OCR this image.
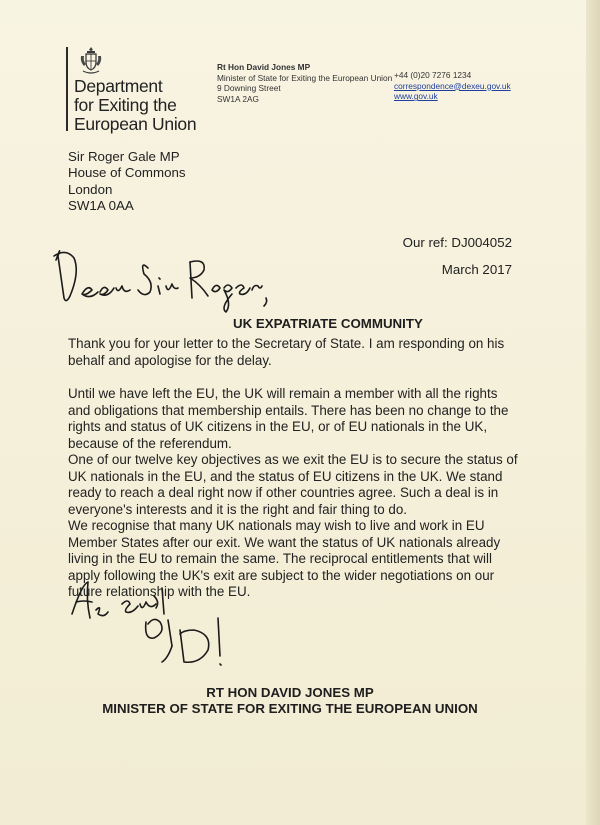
Department
for Exiting the
European Union
Rt Hon David Jones MP
Minister of State for Exiting the European Union
9 Downing Street
SW1A 2AG
+44 (0)20 7276 1234
correspondence@dexeu.gov.uk
www.gov.uk
Sir Roger Gale MP
House of Commons
London
SW1A 0AA
Our ref: DJ004052
March 2017
UK EXPATRIATE COMMUNITY
Thank you for your letter to the Secretary of State. I am responding on his behalf and apologise for the delay.
Until we have left the EU, the UK will remain a member with all the rights and obligations that membership entails. There has been no change to the rights and status of UK citizens in the EU, or of EU nationals in the UK, because of the referendum.
One of our twelve key objectives as we exit the EU is to secure the status of UK nationals in the EU, and the status of EU citizens in the UK. We stand ready to reach a deal right now if other countries agree. Such a deal is in everyone's interests and it is the right and fair thing to do.
We recognise that many UK nationals may wish to live and work in EU Member States after our exit. We want the status of UK nationals already living in the EU to remain the same. The reciprocal entitlements that will apply following the UK's exit are subject to the wider negotiations on our future relationship with the EU.
RT HON DAVID JONES MP
MINISTER OF STATE FOR EXITING THE EUROPEAN UNION
